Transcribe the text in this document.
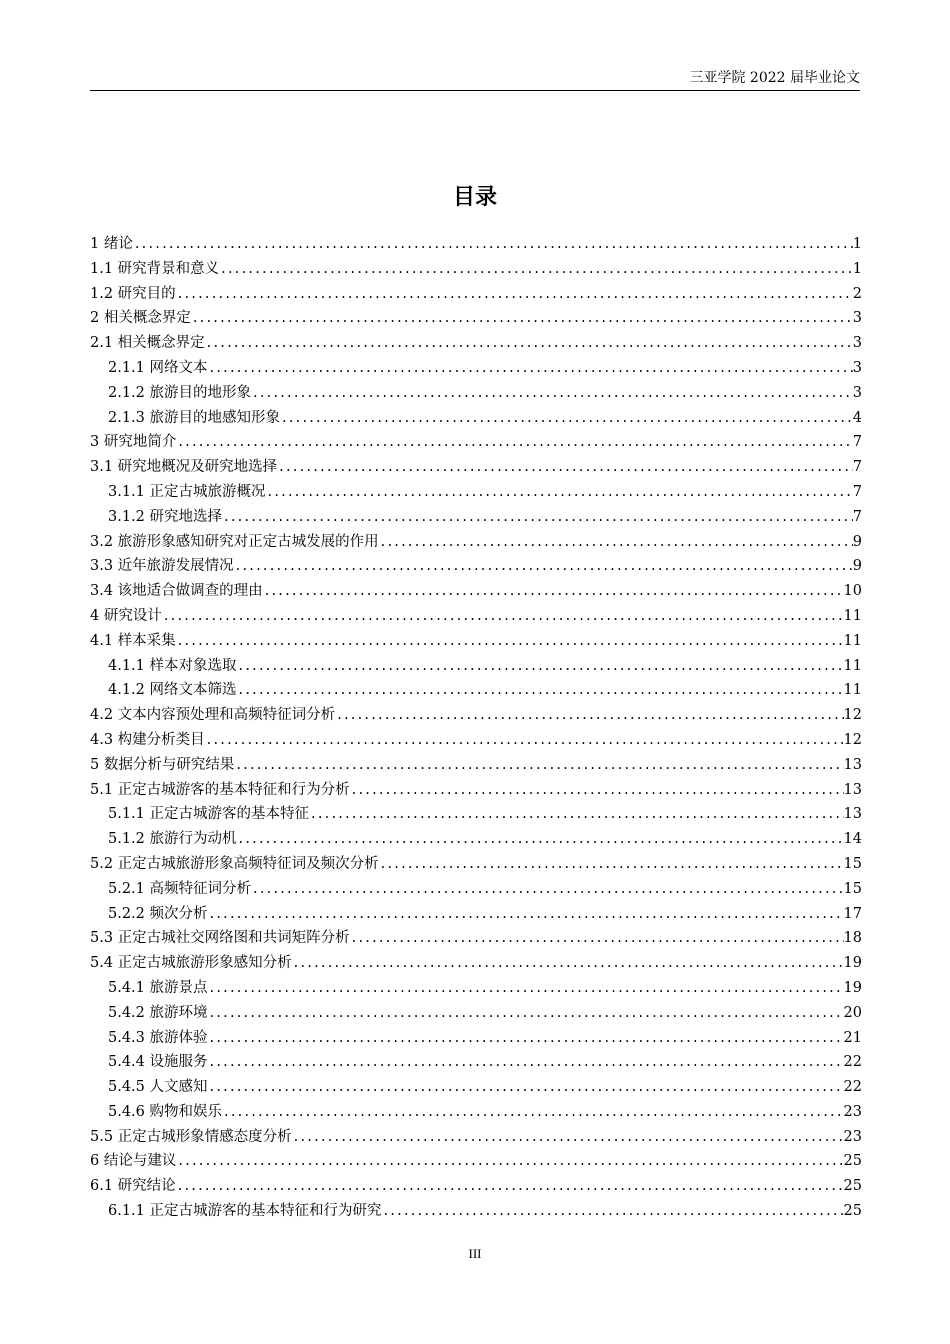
三亚学院 2022 届毕业论文
目录
1 绪论 .....	1
1.1 研究背景和意义 .....	1
1.2 研究目的 .....	2
2 相关概念界定 .....	3
2.1 相关概念界定 .....	3
2.1.1 网络文本 .....	3
2.1.2 旅游目的地形象 .....	3
2.1.3 旅游目的地感知形象 .....	4
3 研究地简介 .....	7
3.1 研究地概况及研究地选择 .....	7
3.1.1 正定古城旅游概况 .....	7
3.1.2 研究地选择 .....	7
3.2 旅游形象感知研究对正定古城发展的作用 .....	9
3.3 近年旅游发展情况 .....	9
3.4 该地适合做调查的理由 .....	10
4 研究设计 .....	11
4.1 样本采集 .....	11
4.1.1 样本对象选取 .....	11
4.1.2 网络文本筛选 .....	11
4.2 文本内容预处理和高频特征词分析 .....	12
4.3 构建分析类目 .....	12
5 数据分析与研究结果 .....	13
5.1 正定古城游客的基本特征和行为分析 .....	13
5.1.1 正定古城游客的基本特征 .....	13
5.1.2 旅游行为动机 .....	14
5.2 正定古城旅游形象高频特征词及频次分析 .....	15
5.2.1 高频特征词分析 .....	15
5.2.2 频次分析 .....	17
5.3 正定古城社交网络图和共词矩阵分析 .....	18
5.4 正定古城旅游形象感知分析 .....	19
5.4.1 旅游景点 .....	19
5.4.2 旅游环境 .....	20
5.4.3 旅游体验 .....	21
5.4.4 设施服务 .....	22
5.4.5 人文感知 .....	22
5.4.6 购物和娱乐 .....	23
5.5 正定古城形象情感态度分析 .....	23
6 结论与建议 .....	25
6.1 研究结论 .....	25
6.1.1 正定古城游客的基本特征和行为研究 .....	25
III
